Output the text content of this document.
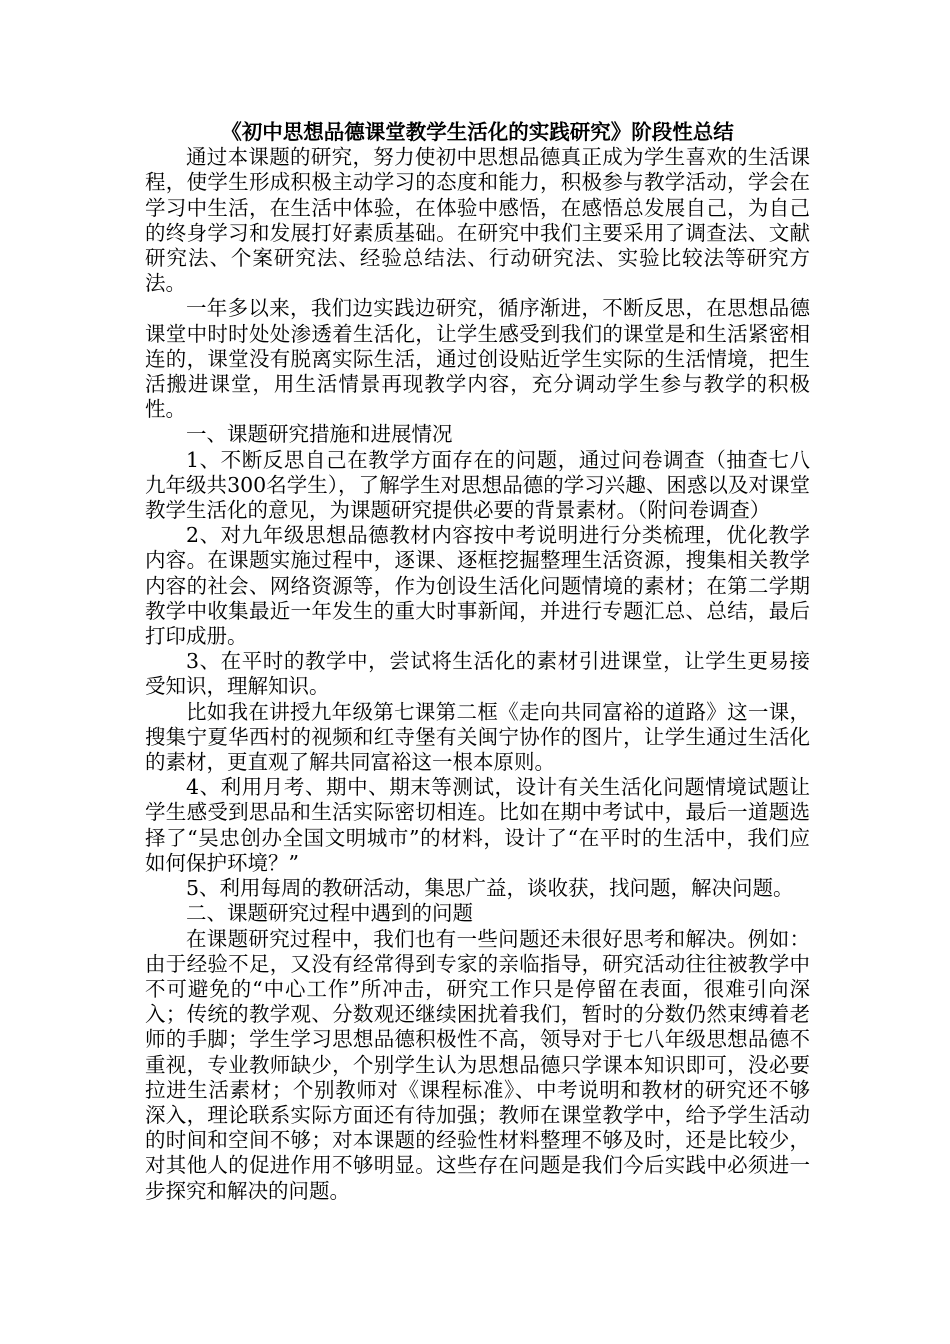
《初中思想品德课堂教学生活化的实践研究》阶段性总结

通过本课题的研究，努力使初中思想品德真正成为学生喜欢的生活课程，使学生形成积极主动学习的态度和能力，积极参与教学活动，学会在学习中生活，在生活中体验，在体验中感悟，在感悟总发展自己，为自己的终身学习和发展打好素质基础。在研究中我们主要采用了调查法、文献研究法、个案研究法、经验总结法、行动研究法、实验比较法等研究方法。

一年多以来，我们边实践边研究，循序渐进，不断反思，在思想品德课堂中时时处处渗透着生活化，让学生感受到我们的课堂是和生活紧密相连的，课堂没有脱离实际生活，通过创设贴近学生实际的生活情境，把生活搬进课堂，用生活情景再现教学内容，充分调动学生参与教学的积极性。

一、课题研究措施和进展情况

1、不断反思自己在教学方面存在的问题，通过问卷调查（抽查七八九年级共300名学生），了解学生对思想品德的学习兴趣、困惑以及对课堂教学生活化的意见，为课题研究提供必要的背景素材。（附问卷调查）

2、对九年级思想品德教材内容按中考说明进行分类梳理，优化教学内容。在课题实施过程中，逐课、逐框挖掘整理生活资源，搜集相关教学内容的社会、网络资源等，作为创设生活化问题情境的素材；在第二学期教学中收集最近一年发生的重大时事新闻，并进行专题汇总、总结，最后打印成册。

3、在平时的教学中，尝试将生活化的素材引进课堂，让学生更易接受知识，理解知识。

比如我在讲授九年级第七课第二框《走向共同富裕的道路》这一课，搜集宁夏华西村的视频和红寺堡有关闽宁协作的图片，让学生通过生活化的素材，更直观了解共同富裕这一根本原则。

4、利用月考、期中、期末等测试，设计有关生活化问题情境试题让学生感受到思品和生活实际密切相连。比如在期中考试中，最后一道题选择了“吴忠创办全国文明城市”的材料，设计了“在平时的生活中，我们应如何保护环境？”

5、利用每周的教研活动，集思广益，谈收获，找问题，解决问题。

二、课题研究过程中遇到的问题

在课题研究过程中，我们也有一些问题还未很好思考和解决。例如：由于经验不足，又没有经常得到专家的亲临指导，研究活动往往被教学中不可避免的“中心工作”所冲击，研究工作只是停留在表面，很难引向深入；传统的教学观、分数观还继续困扰着我们，暂时的分数仍然束缚着老师的手脚；学生学习思想品德积极性不高，领导对于七八年级思想品德不重视，专业教师缺少，个别学生认为思想品德只学课本知识即可，没必要拉进生活素材；个别教师对《课程标准》、中考说明和教材的研究还不够深入，理论联系实际方面还有待加强；教师在课堂教学中，给予学生活动的时间和空间不够；对本课题的经验性材料整理不够及时，还是比较少，对其他人的促进作用不够明显。这些存在问题是我们今后实践中必须进一步探究和解决的问题。
